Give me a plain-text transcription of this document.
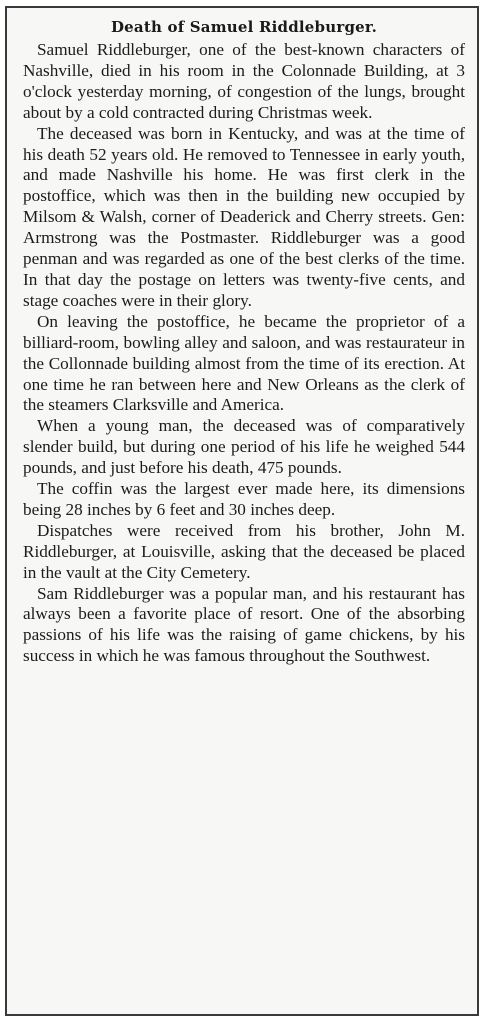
Death of Samuel Riddleburger.

Samuel Riddleburger, one of the best-known characters of Nashville, died in his room in the Colonnade Building, at 3 o'clock yesterday morning, of congestion of the lungs, brought about by a cold contracted during Christmas week.

The deceased was born in Kentucky, and was at the time of his death 52 years old. He removed to Tennessee in early youth, and made Nashville his home. He was first clerk in the postoffice, which was then in the building new occupied by Milsom & Walsh, corner of Deaderick and Cherry streets. Gen: Armstrong was the Postmaster. Riddleburger was a good penman and was regarded as one of the best clerks of the time. In that day the postage on letters was twenty-five cents, and stage coaches were in their glory.

On leaving the postoffice, he became the proprietor of a billiard-room, bowling alley and saloon, and was restaurateur in the Collonnade building almost from the time of its erection. At one time he ran between here and New Orleans as the clerk of the steamers Clarksville and America.

When a young man, the deceased was of comparatively slender build, but during one period of his life he weighed 544 pounds, and just before his death, 475 pounds.

The coffin was the largest ever made here, its dimensions being 28 inches by 6 feet and 30 inches deep.

Dispatches were received from his brother, John M. Riddleburger, at Louisville, asking that the deceased be placed in the vault at the City Cemetery.

Sam Riddleburger was a popular man, and his restaurant has always been a favorite place of resort. One of the absorbing passions of his life was the raising of game chickens, by his success in which he was famous throughout the Southwest.
